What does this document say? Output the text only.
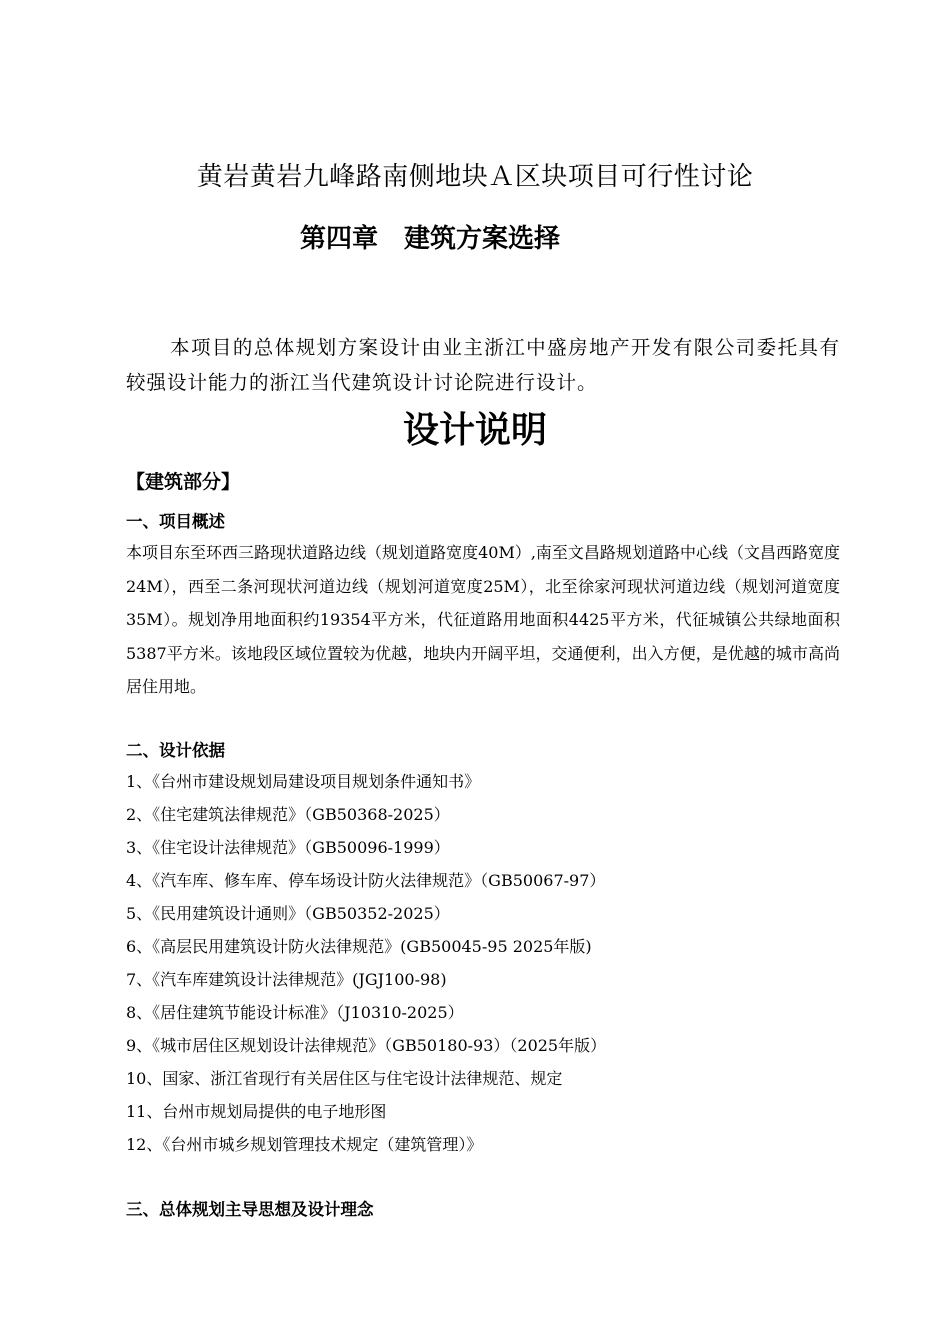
黄岩黄岩九峰路南侧地块Ａ区块项目可行性讨论
第四章　建筑方案选择

本项目的总体规划方案设计由业主浙江中盛房地产开发有限公司委托具有较强设计能力的浙江当代建筑设计讨论院进行设计。

设计说明
【建筑部分】
一、项目概述

本项目东至环西三路现状道路边线（规划道路宽度40M）,南至文昌路规划道路中心线（文昌西路宽度24M），西至二条河现状河道边线（规划河道宽度25M），北至徐家河现状河道边线（规划河道宽度35M）。规划净用地面积约19354平方米，代征道路用地面积4425平方米，代征城镇公共绿地面积5387平方米。该地段区域位置较为优越，地块内开阔平坦，交通便利，出入方便，是优越的城市高尚居住用地。

二、设计依据
1、《台州市建设规划局建设项目规划条件通知书》
2、《住宅建筑法律规范》（GB50368-2025）
3、《住宅设计法律规范》（GB50096-1999）
4、《汽车库、修车库、停车场设计防火法律规范》（GB50067-97）
5、《民用建筑设计通则》（GB50352-2025）
6、《高层民用建筑设计防火法律规范》(GB50045-95 2025年版)
7、《汽车库建筑设计法律规范》(JGJ100-98)
8、《居住建筑节能设计标准》（J10310-2025）
9、《城市居住区规划设计法律规范》（GB50180-93）（2025年版）
10、国家、浙江省现行有关居住区与住宅设计法律规范、规定
11、台州市规划局提供的电子地形图
12、《台州市城乡规划管理技术规定（建筑管理）》
三、总体规划主导思想及设计理念
